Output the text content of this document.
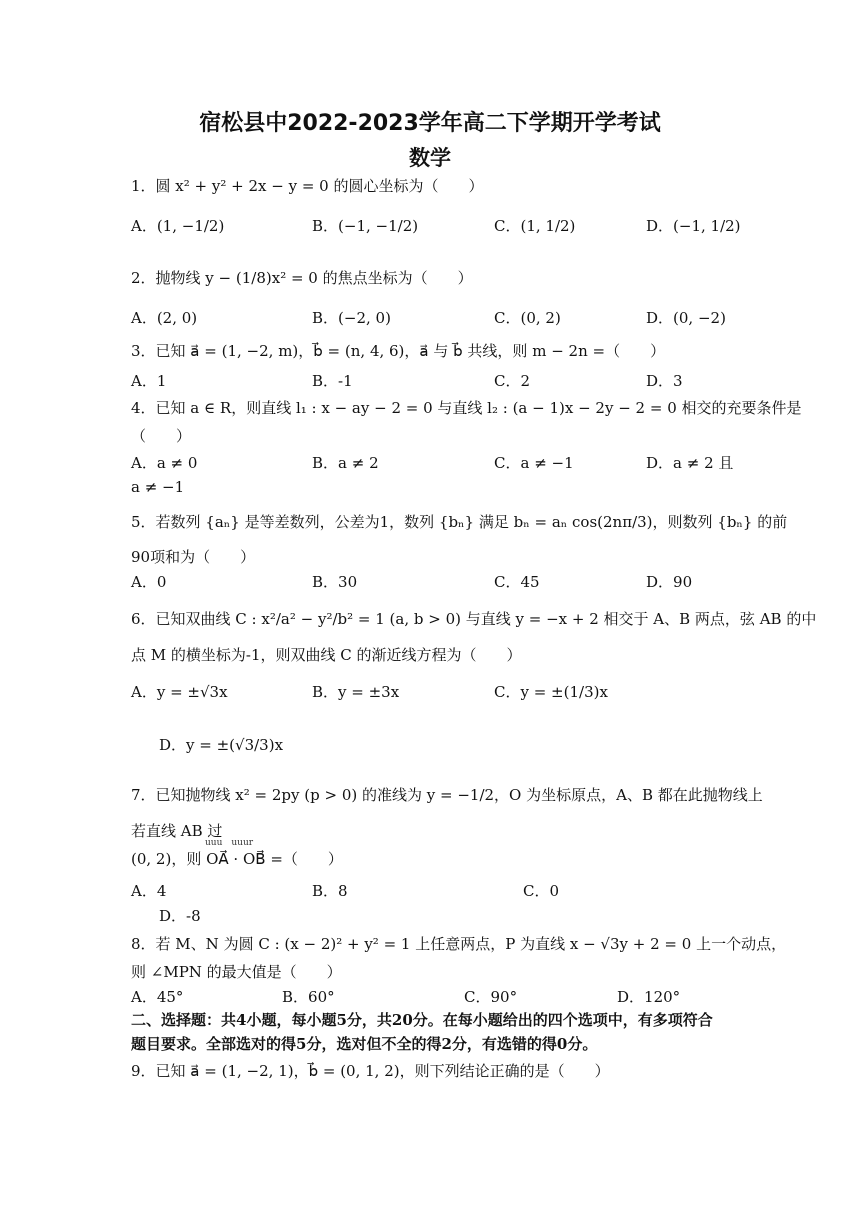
宿松县中2022-2023学年高二下学期开学考试
数学
1．圆 x² + y² + 2x − y = 0 的圆心坐标为（　　）
A．(1, −1/2)	B．(−1, −1/2)	C．(1, 1/2)	D．(−1, 1/2)
2．抛物线 y − (1/8)x² = 0 的焦点坐标为（　　）
A．(2, 0)	B．(−2, 0)	C．(0, 2)	D．(0, −2)
3．已知 a⃗ = (1, −2, m)，b⃗ = (n, 4, 6)，a⃗ 与 b⃗ 共线，则 m − 2n =（　　）
A．1	B．-1	C．2	D．3
4．已知 a ∈ R，则直线 l₁ : x − ay − 2 = 0 与直线 l₂ : (a − 1)x − 2y − 2 = 0 相交的充要条件是
（　　）
A．a ≠ 0	B．a ≠ 2	C．a ≠ −1	D．a ≠ 2 且
a ≠ −1
5．若数列 {aₙ} 是等差数列，公差为1，数列 {bₙ} 满足 bₙ = aₙ cos(2nπ/3)，则数列 {bₙ} 的前
90项和为（　　）
A．0	B．30	C．45	D．90
6．已知双曲线 C : x²/a² − y²/b² = 1 (a, b > 0) 与直线 y = −x + 2 相交于 A、B 两点，弦 AB 的中
点 M 的横坐标为-1，则双曲线 C 的渐近线方程为（　　）
A．y = ±√3x	B．y = ±3x	C．y = ±(1/3)x
D．y = ±(√3/3)x
7．已知抛物线 x² = 2py (p > 0) 的准线为 y = −1/2，O 为坐标原点，A、B 都在此抛物线上
若直线 AB 过
uuu　uuur
(0, 2)，则 OA⃗ · OB⃗ =（　　）
A．4	B．8	C．0
D．-8
8．若 M、N 为圆 C : (x − 2)² + y² = 1 上任意两点，P 为直线 x − √3y + 2 = 0 上一个动点，
则 ∠MPN 的最大值是（　　）
A．45°	B．60°	C．90°	D．120°
二、选择题：共4小题，每小题5分，共20分。在每小题给出的四个选项中，有多项符合
题目要求。全部选对的得5分，选对但不全的得2分，有选错的得0分。
9．已知 a⃗ = (1, −2, 1)，b⃗ = (0, 1, 2)，则下列结论正确的是（　　）
